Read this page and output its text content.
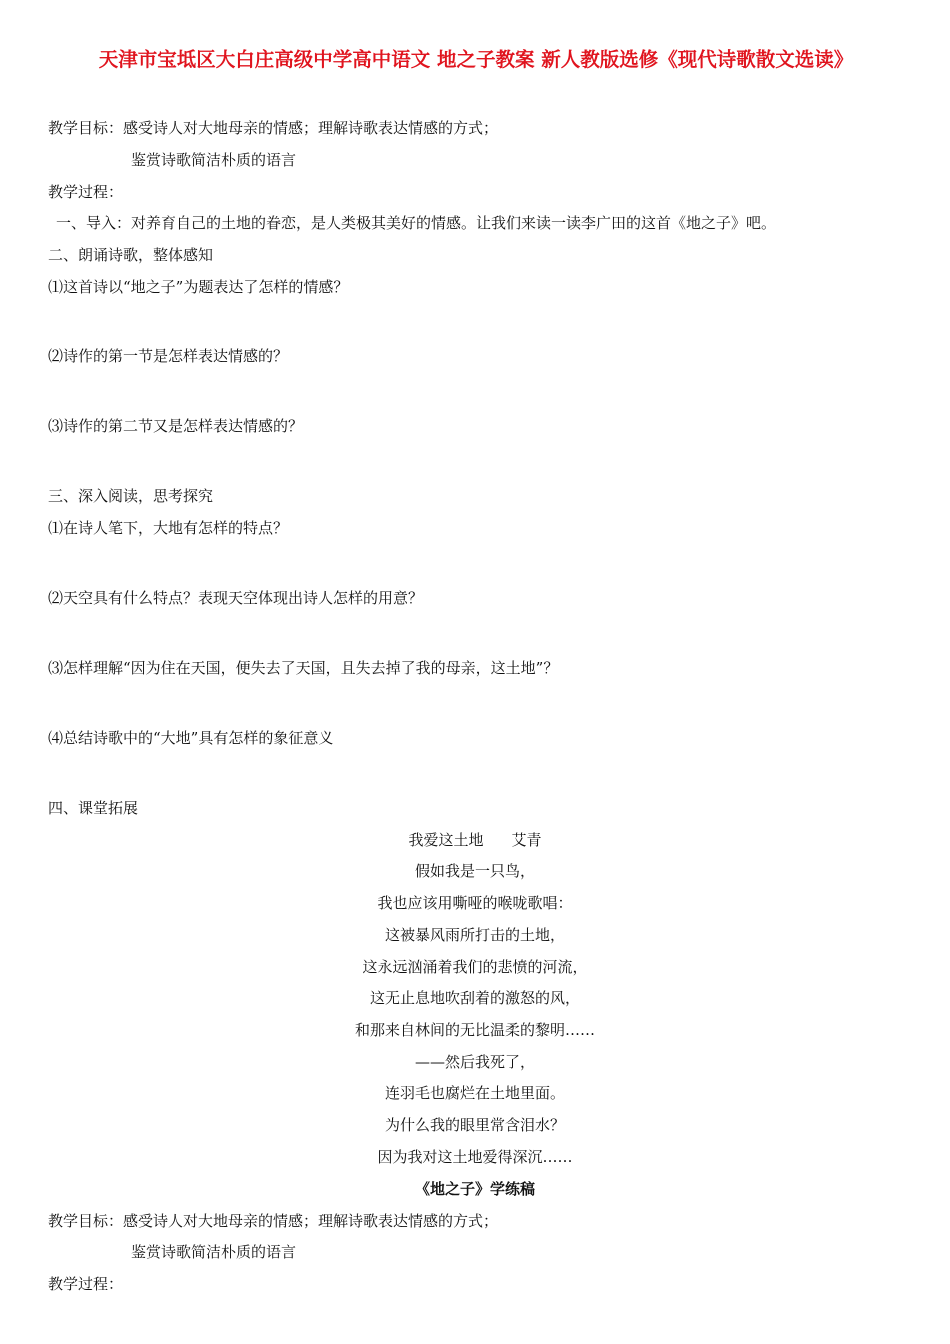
天津市宝坻区大白庄高级中学高中语文 地之子教案 新人教版选修《现代诗歌散文选读》
教学目标：感受诗人对大地母亲的情感；理解诗歌表达情感的方式；
鉴赏诗歌简洁朴质的语言
教学过程：
一、导入：对养育自己的土地的眷恋，是人类极其美好的情感。让我们来读一读李广田的这首《地之子》吧。
二、朗诵诗歌，整体感知
⑴这首诗以“地之子”为题表达了怎样的情感？
⑵诗作的第一节是怎样表达情感的？
⑶诗作的第二节又是怎样表达情感的？
三、深入阅读，思考探究
⑴在诗人笔下，大地有怎样的特点？
⑵天空具有什么特点？表现天空体现出诗人怎样的用意？
⑶怎样理解“因为住在天国，便失去了天国，且失去掉了我的母亲，这土地”？
⑷总结诗歌中的“大地”具有怎样的象征意义
四、课堂拓展
我爱这土地 艾青
假如我是一只鸟，
我也应该用嘶哑的喉咙歌唱：
这被暴风雨所打击的土地，
这永远汹涌着我们的悲愤的河流，
这无止息地吹刮着的激怒的风，
和那来自林间的无比温柔的黎明……
——然后我死了，
连羽毛也腐烂在土地里面。
为什么我的眼里常含泪水？
因为我对这土地爱得深沉……
《地之子》学练稿
教学目标：感受诗人对大地母亲的情感；理解诗歌表达情感的方式；
鉴赏诗歌简洁朴质的语言
教学过程：
